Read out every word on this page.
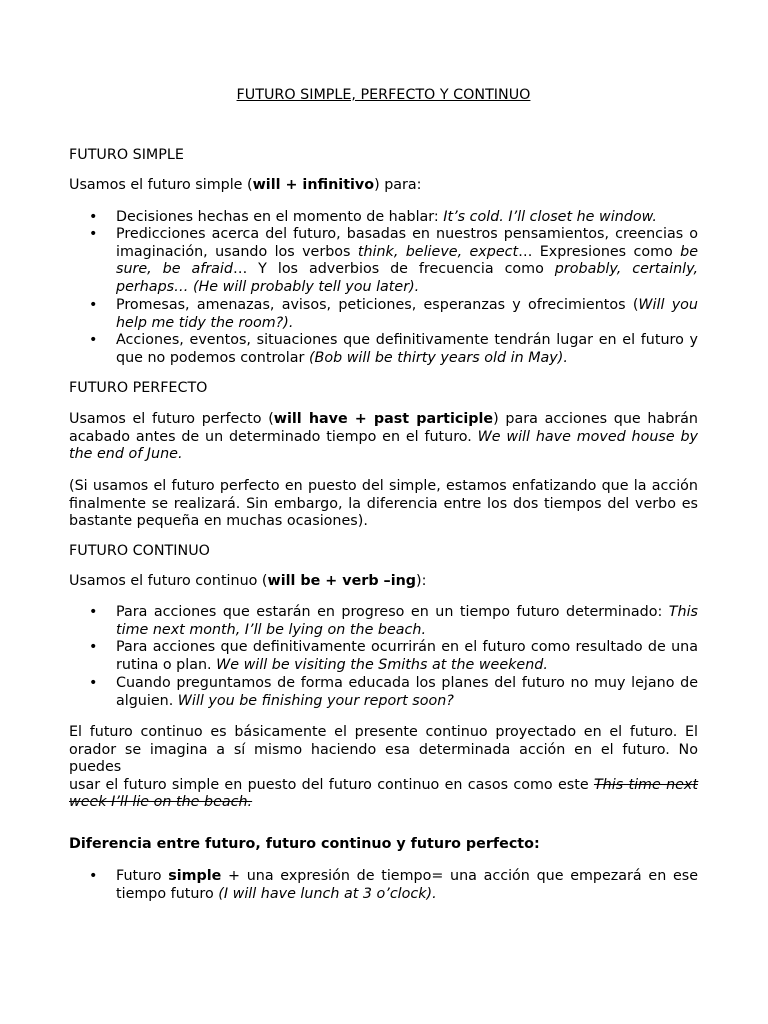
FUTURO SIMPLE, PERFECTO Y CONTINUO
FUTURO SIMPLE
Usamos el futuro simple (will + infinitivo) para:
• Decisiones hechas en el momento de hablar: It’s cold. I’ll closet he window.
• Predicciones acerca del futuro, basadas en nuestros pensamientos, creencias o
imaginación, usando los verbos think, believe, expect… Expresiones como be
sure, be afraid… Y los adverbios de frecuencia como probably, certainly,
perhaps… (He will probably tell you later).
• Promesas, amenazas, avisos, peticiones, esperanzas y ofrecimientos (Will you
help me tidy the room?).
• Acciones, eventos, situaciones que definitivamente tendrán lugar en el futuro y
que no podemos controlar (Bob will be thirty years old in May).
FUTURO PERFECTO
Usamos el futuro perfecto (will have + past participle) para acciones que habrán
acabado antes de un determinado tiempo en el futuro. We will have moved house by
the end of June.
(Si usamos el futuro perfecto en puesto del simple, estamos enfatizando que la acción
finalmente se realizará. Sin embargo, la diferencia entre los dos tiempos del verbo es
bastante pequeña en muchas ocasiones).
FUTURO CONTINUO
Usamos el futuro continuo (will be + verb –ing):
• Para acciones que estarán en progreso en un tiempo futuro determinado: This
time next month, I’ll be lying on the beach.
• Para acciones que definitivamente ocurrirán en el futuro como resultado de una
rutina o plan. We will be visiting the Smiths at the weekend.
• Cuando preguntamos de forma educada los planes del futuro no muy lejano de
alguien. Will you be finishing your report soon?
El futuro continuo es básicamente el presente continuo proyectado en el futuro. El
orador se imagina a sí mismo haciendo esa determinada acción en el futuro. No puedes
usar el futuro simple en puesto del futuro continuo en casos como este This time next
week I’ll lie on the beach.
Diferencia entre futuro, futuro continuo y futuro perfecto:
• Futuro simple + una expresión de tiempo= una acción que empezará en ese
tiempo futuro (I will have lunch at 3 o’clock).
